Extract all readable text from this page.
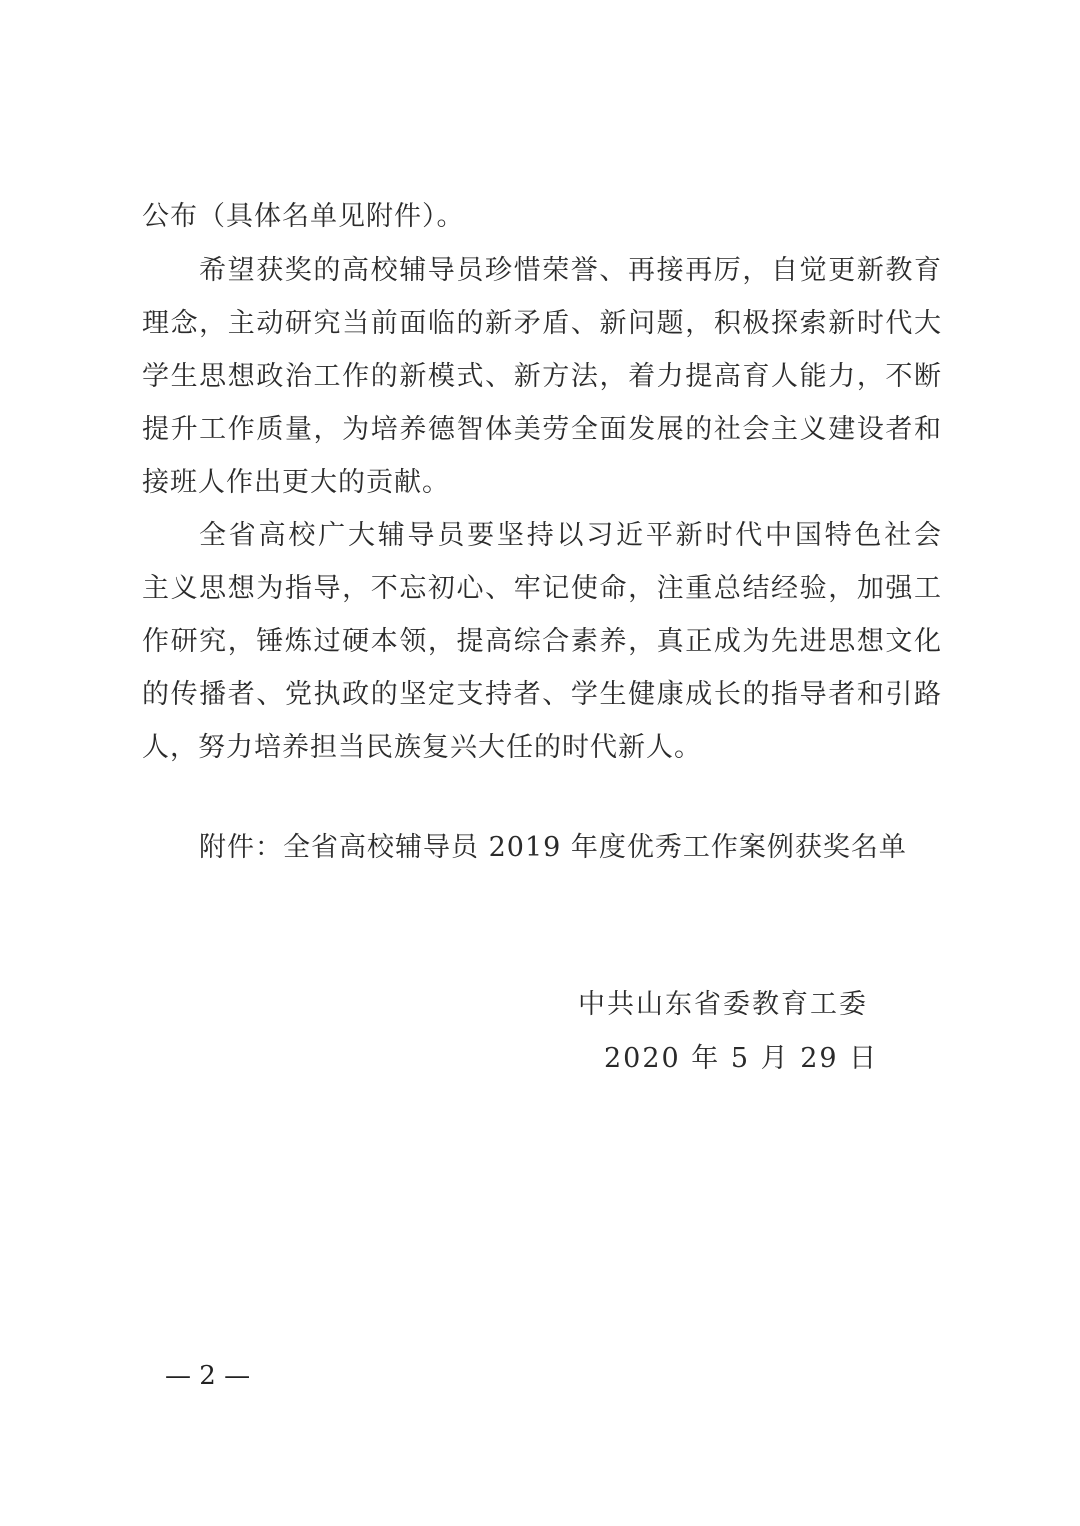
公布（具体名单见附件）。
希望获奖的高校辅导员珍惜荣誉、再接再厉，自觉更新教育
理念，主动研究当前面临的新矛盾、新问题，积极探索新时代大
学生思想政治工作的新模式、新方法，着力提高育人能力，不断
提升工作质量，为培养德智体美劳全面发展的社会主义建设者和
接班人作出更大的贡献。
全省高校广大辅导员要坚持以习近平新时代中国特色社会
主义思想为指导，不忘初心、牢记使命，注重总结经验，加强工
作研究，锤炼过硬本领，提高综合素养，真正成为先进思想文化
的传播者、党执政的坚定支持者、学生健康成长的指导者和引路
人，努力培养担当民族复兴大任的时代新人。
附件：全省高校辅导员 2019 年度优秀工作案例获奖名单
中共山东省委教育工委
2020 年 5 月 29 日
— 2 —
